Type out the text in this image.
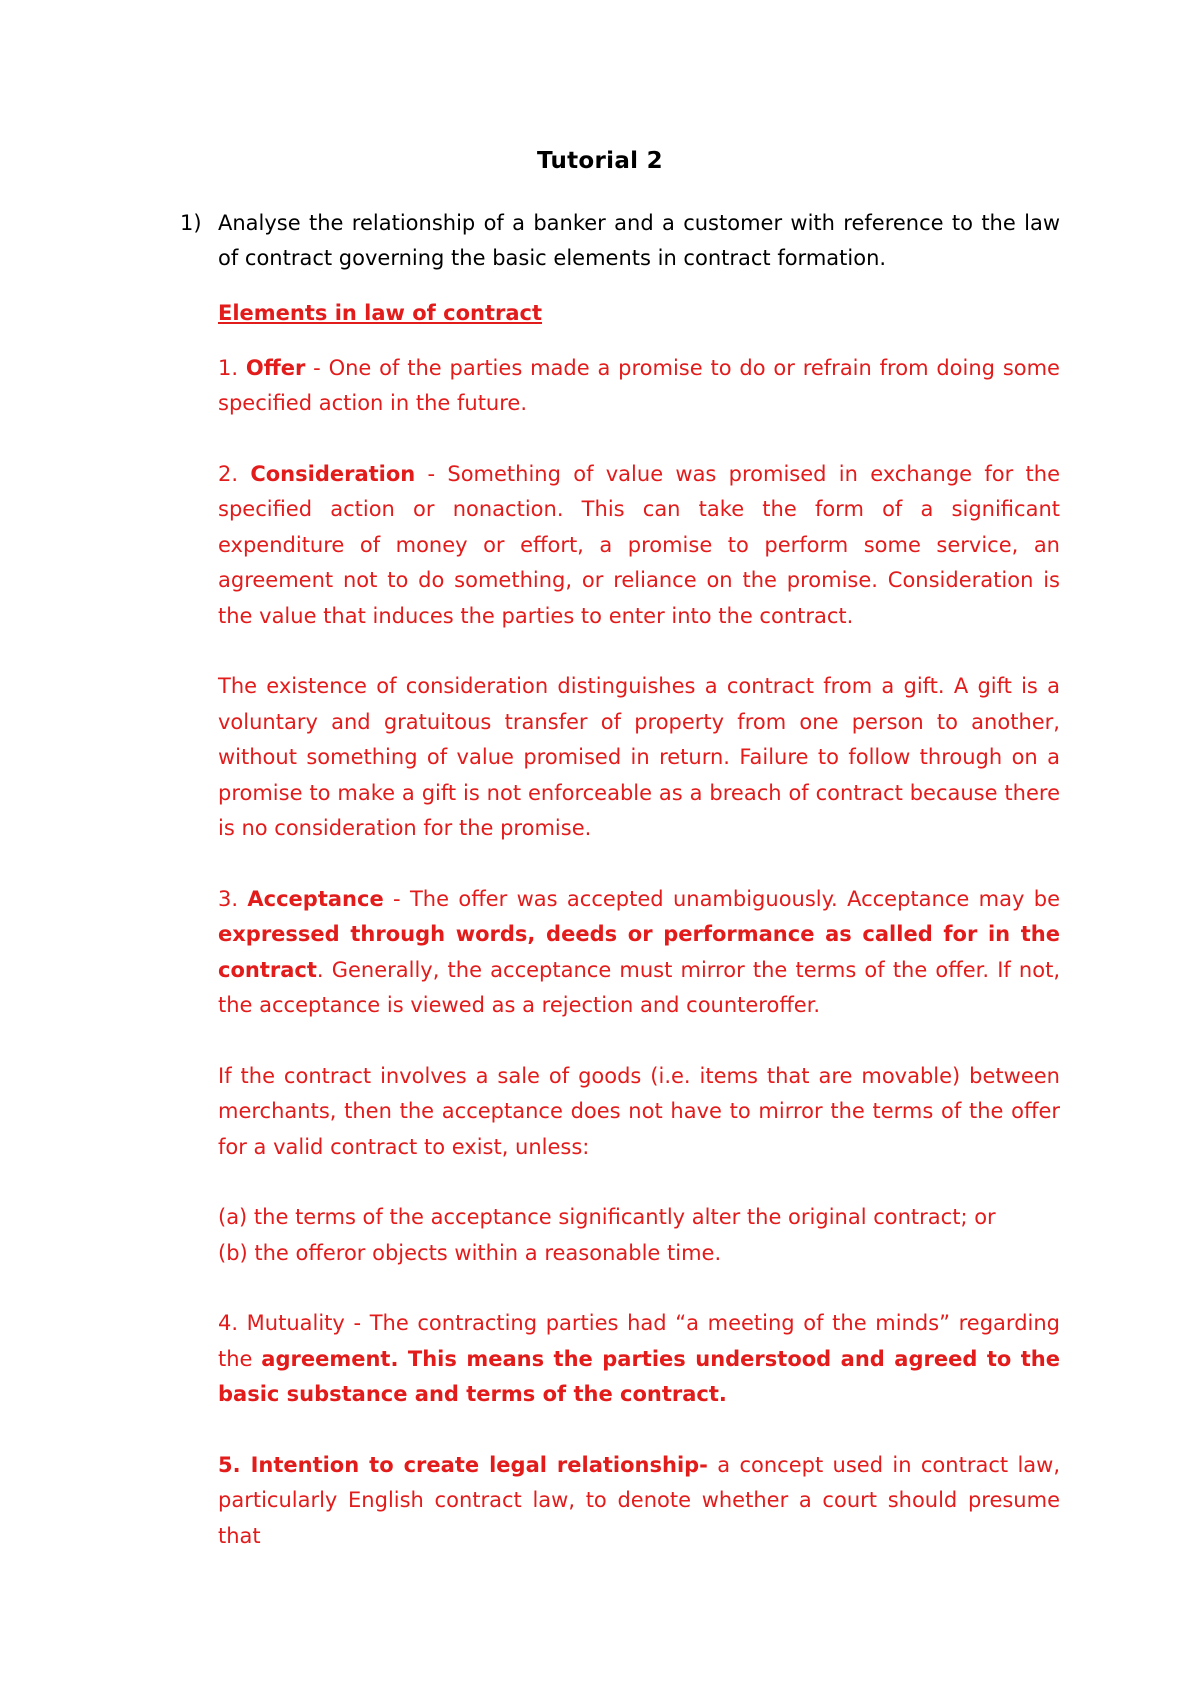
Tutorial 2
1) Analyse the relationship of a banker and a customer with reference to the law of contract governing the basic elements in contract formation.
Elements in law of contract

1. Offer - One of the parties made a promise to do or refrain from doing some specified action in the future.

2. Consideration - Something of value was promised in exchange for the specified action or nonaction. This can take the form of a significant expenditure of money or effort, a promise to perform some service, an agreement not to do something, or reliance on the promise. Consideration is the value that induces the parties to enter into the contract.

The existence of consideration distinguishes a contract from a gift. A gift is a voluntary and gratuitous transfer of property from one person to another, without something of value promised in return. Failure to follow through on a promise to make a gift is not enforceable as a breach of contract because there is no consideration for the promise.

3. Acceptance - The offer was accepted unambiguously. Acceptance may be expressed through words, deeds or performance as called for in the contract. Generally, the acceptance must mirror the terms of the offer. If not, the acceptance is viewed as a rejection and counteroffer.

If the contract involves a sale of goods (i.e. items that are movable) between merchants, then the acceptance does not have to mirror the terms of the offer for a valid contract to exist, unless:

(a) the terms of the acceptance significantly alter the original contract; or

(b) the offeror objects within a reasonable time.

4. Mutuality - The contracting parties had “a meeting of the minds” regarding the agreement. This means the parties understood and agreed to the basic substance and terms of the contract.

5. Intention to create legal relationship- a concept used in contract law, particularly English contract law, to denote whether a court should presume that
